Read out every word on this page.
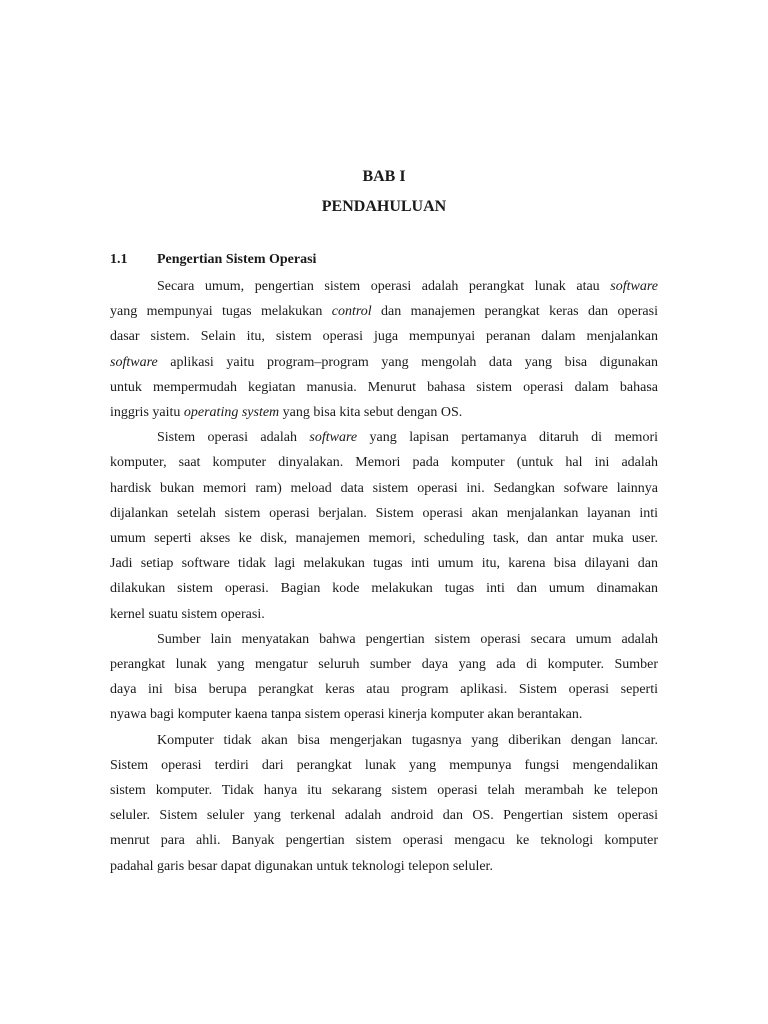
BAB I
PENDAHULUAN
1.1 Pengertian Sistem Operasi
Secara umum, pengertian sistem operasi adalah perangkat lunak atau software
yang mempunyai tugas melakukan control dan manajemen perangkat keras dan operasi
dasar sistem. Selain itu, sistem operasi juga mempunyai peranan dalam menjalankan
software aplikasi yaitu program–program yang mengolah data yang bisa digunakan
untuk mempermudah kegiatan manusia. Menurut bahasa sistem operasi dalam bahasa
inggris yaitu operating system yang bisa kita sebut dengan OS.
Sistem operasi adalah software yang lapisan pertamanya ditaruh di memori
komputer, saat komputer dinyalakan. Memori pada komputer (untuk hal ini adalah
hardisk bukan memori ram) meload data sistem operasi ini. Sedangkan sofware lainnya
dijalankan setelah sistem operasi berjalan. Sistem operasi akan menjalankan layanan inti
umum seperti akses ke disk, manajemen memori, scheduling task, dan antar muka user.
Jadi setiap software tidak lagi melakukan tugas inti umum itu, karena bisa dilayani dan
dilakukan sistem operasi. Bagian kode melakukan tugas inti dan umum dinamakan
kernel suatu sistem operasi.
Sumber lain menyatakan bahwa pengertian sistem operasi secara umum adalah
perangkat lunak yang mengatur seluruh sumber daya yang ada di komputer. Sumber
daya ini bisa berupa perangkat keras atau program aplikasi. Sistem operasi seperti
nyawa bagi komputer kaena tanpa sistem operasi kinerja komputer akan berantakan.
Komputer tidak akan bisa mengerjakan tugasnya yang diberikan dengan lancar.
Sistem operasi terdiri dari perangkat lunak yang mempunya fungsi mengendalikan
sistem komputer. Tidak hanya itu sekarang sistem operasi telah merambah ke telepon
seluler. Sistem seluler yang terkenal adalah android dan OS. Pengertian sistem operasi
menrut para ahli. Banyak pengertian sistem operasi mengacu ke teknologi komputer
padahal garis besar dapat digunakan untuk teknologi telepon seluler.
